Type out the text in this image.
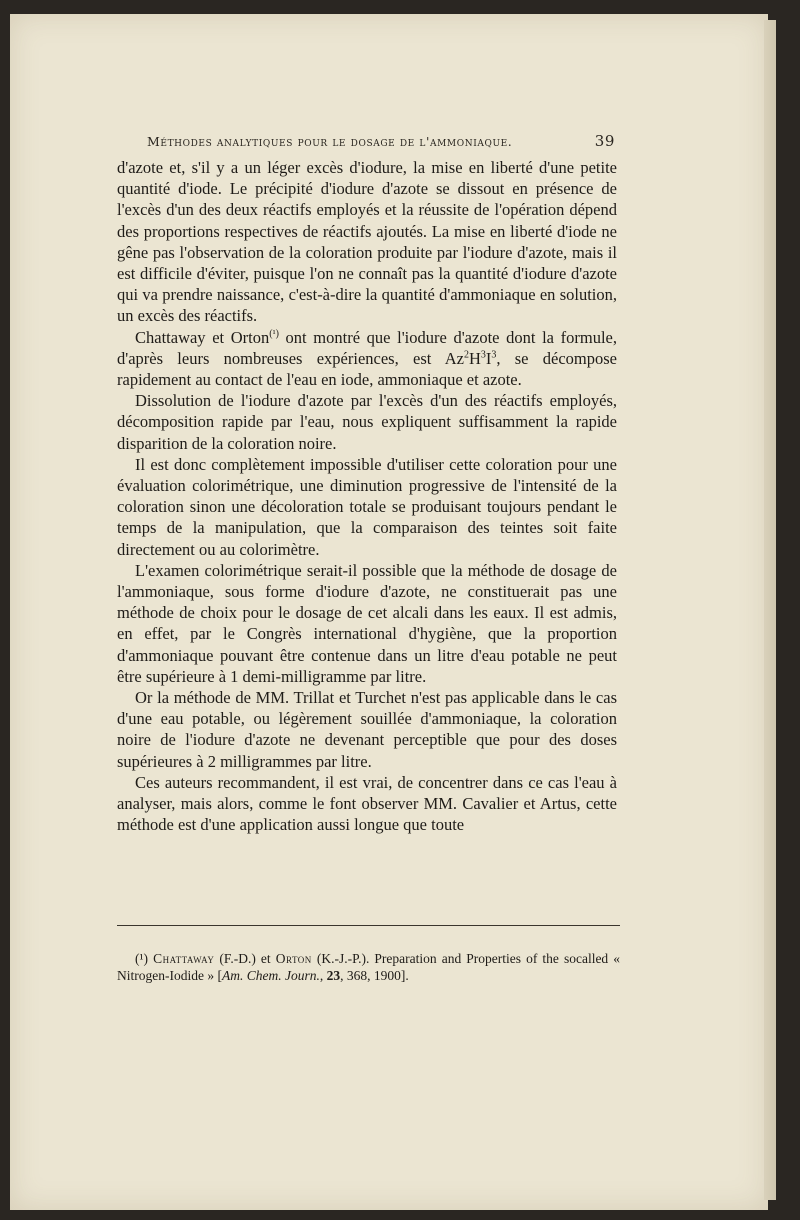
Méthodes analytiques pour le dosage de l'ammoniaque.	39

d'azote et, s'il y a un léger excès d'iodure, la mise en liberté d'une petite quantité d'iode. Le précipité d'iodure d'azote se dissout en présence de l'excès d'un des deux réactifs employés et la réussite de l'opération dépend des proportions respectives de réactifs ajoutés. La mise en liberté d'iode ne gêne pas l'observation de la coloration produite par l'iodure d'azote, mais il est difficile d'éviter, puisque l'on ne connaît pas la quantité d'iodure d'azote qui va prendre naissance, c'est-à-dire la quantité d'ammoniaque en solution, un excès des réactifs.

Chattaway et Orton$^{(^1)}$ ont montré que l'iodure d'azote dont la formule, d'après leurs nombreuses expériences, est $Az^2H^3I^3$, se décompose rapidement au contact de l'eau en iode, ammoniaque et azote.

Dissolution de l'iodure d'azote par l'excès d'un des réactifs employés, décomposition rapide par l'eau, nous expliquent suffisamment la rapide disparition de la coloration noire.

Il est donc complètement impossible d'utiliser cette coloration pour une évaluation colorimétrique, une diminution progressive de l'intensité de la coloration sinon une décoloration totale se produisant toujours pendant le temps de la manipulation, que la comparaison des teintes soit faite directement ou au colorimètre.

L'examen colorimétrique serait-il possible que la méthode de dosage de l'ammoniaque, sous forme d'iodure d'azote, ne constituerait pas une méthode de choix pour le dosage de cet alcali dans les eaux. Il est admis, en effet, par le Congrès international d'hygiène, que la proportion d'ammoniaque pouvant être contenue dans un litre d'eau potable ne peut être supérieure à 1 demi-milligramme par litre.

Or la méthode de MM. Trillat et Turchet n'est pas applicable dans le cas d'une eau potable, ou légèrement souillée d'ammoniaque, la coloration noire de l'iodure d'azote ne devenant perceptible que pour des doses supérieures à 2 milligrammes par litre.

Ces auteurs recommandent, il est vrai, de concentrer dans ce cas l'eau à analyser, mais alors, comme le font observer MM. Cavalier et Artus, cette méthode est d'une application aussi longue que toute

(¹) Chattaway (F.-D.) et Orton (K.-J.-P.). Preparation and Properties of the socalled « Nitrogen-Iodide » [Am. Chem. Journ., 23, 368, 1900].
